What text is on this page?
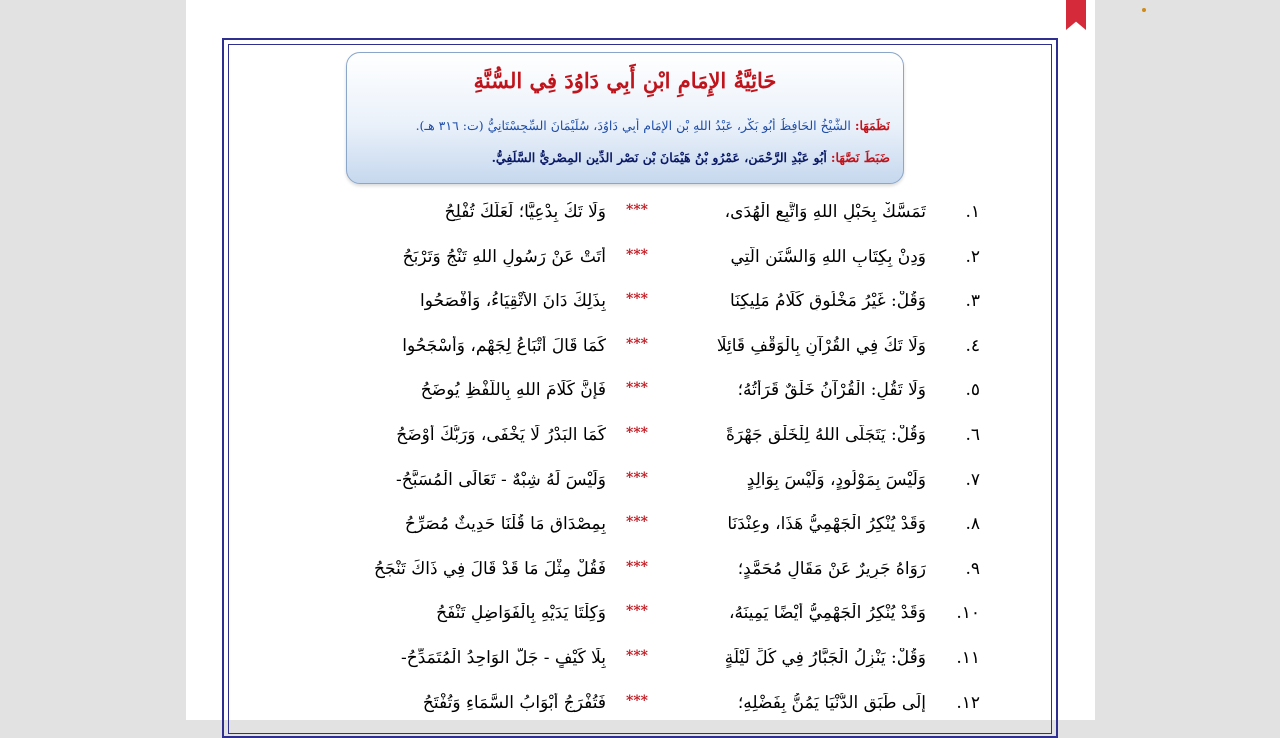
حَائِيَّةُ الإِمَامِ ابْنِ أَبِي دَاوُدَ فِي السُّنَّةِ
نَظَمَهَا: الشَّيْخُ الحَافِظُ أَبُو بَكْرٍ، عَبْدُ اللهِ بْنِ الإِمَامِ أَبِي دَاوُدَ، سُلَيْمَانَ السِّجِسْتَانِيُّ (ت: ٣١٦ هـ).
ضَبَطَ نَصَّهَا: أَبُو عَبْدِ الرَّحْمَنِ، عَمْرُو بْنُ هَيْمَانَ بْنِ نَصْرِ الدِّينِ المِصْرِيُّ السَّلَفِيُّ.
١.
تَمَسَّكْ بِحَبْلِ اللهِ وَاتَّبِعِ الْهُدَى،
***
وَلَا تَكُ بِدْعِيًّا؛ لَعَلَّكَ تُفْلِحُ
٢.
وَدِنْ بِكِتَابِ اللهِ وَالسُّنَنِ الَّتِي
***
أَتَتْ عَنْ رَسُولِ اللهِ تَنْجُ وَتَرْبَحُ
٣.
وَقُلْ: غَيْرُ مَخْلُوقٍ كَلَامُ مَلِيكِنَا
***
بِذَلِكَ دَانَ الأَتْقِيَاءُ، وَأَفْصَحُوا
٤.
وَلَا تَكُ فِي القُرْآنِ بِالْوَقْفِ قَائِلًا
***
كَمَا قَالَ أَتْبَاعُ لِجَهْمٍ، وَأَسْجَحُوا
٥.
وَلَا تَقُلِ: الْقُرْآنُ خَلْقٌ قَرَأْتُهُ؛
***
فَإِنَّ كَلَامَ اللهِ بِاللَّفْظِ يُوضَحُ
٦.
وَقُلْ: يَتَجَلَّى اللهُ لِلْخَلْقِ جَهْرَةً
***
كَمَا البَدْرُ لَا يَخْفَى، وَرَبُّكَ أَوْضَحُ
٧.
وَلَيْسَ بِمَوْلُودٍ، وَلَيْسَ بِوَالِدٍ
***
وَلَيْسَ لَهُ شِبْهٌ - تَعَالَى الْمُسَبَّحُ-
٨.
وَقَدْ يُنْكِرُ الْجَهْمِيُّ هَذَا، وعِنْدَنَا
***
بِمِصْدَاقِ مَا قُلْنَا حَدِيثٌ مُصَرِّحُ
٩.
رَوَاهُ جَرِيرٌ عَنْ مَقَالِ مُحَمَّدٍ؛
***
فَقُلْ مِثْلَ مَا قَدْ قَالَ فِي ذَاكَ تَنْجَحُ
١٠.
وَقَدْ يُنْكِرُ الْجَهْمِيُّ أَيْضًا يَمِينَهُ،
***
وَكِلْتَا يَدَيْهِ بِالْفَوَاضِلِ تَنْفَحُ
١١.
وَقُلْ: يَنْزِلُ الْجَبَّارُ فِي كُلِّ لَيْلَةٍ
***
بِلَا كَيْفٍ - جَلَّ الوَاحِدُ الْمُتَمَدِّحُ-
١٢.
إِلَى طَبَقِ الدُّنْيَا يَمُنُّ بِفَضْلِهِ؛
***
فَتُفْرَجُ أَبْوَابُ السَّمَاءِ وَتُفْتَحُ
